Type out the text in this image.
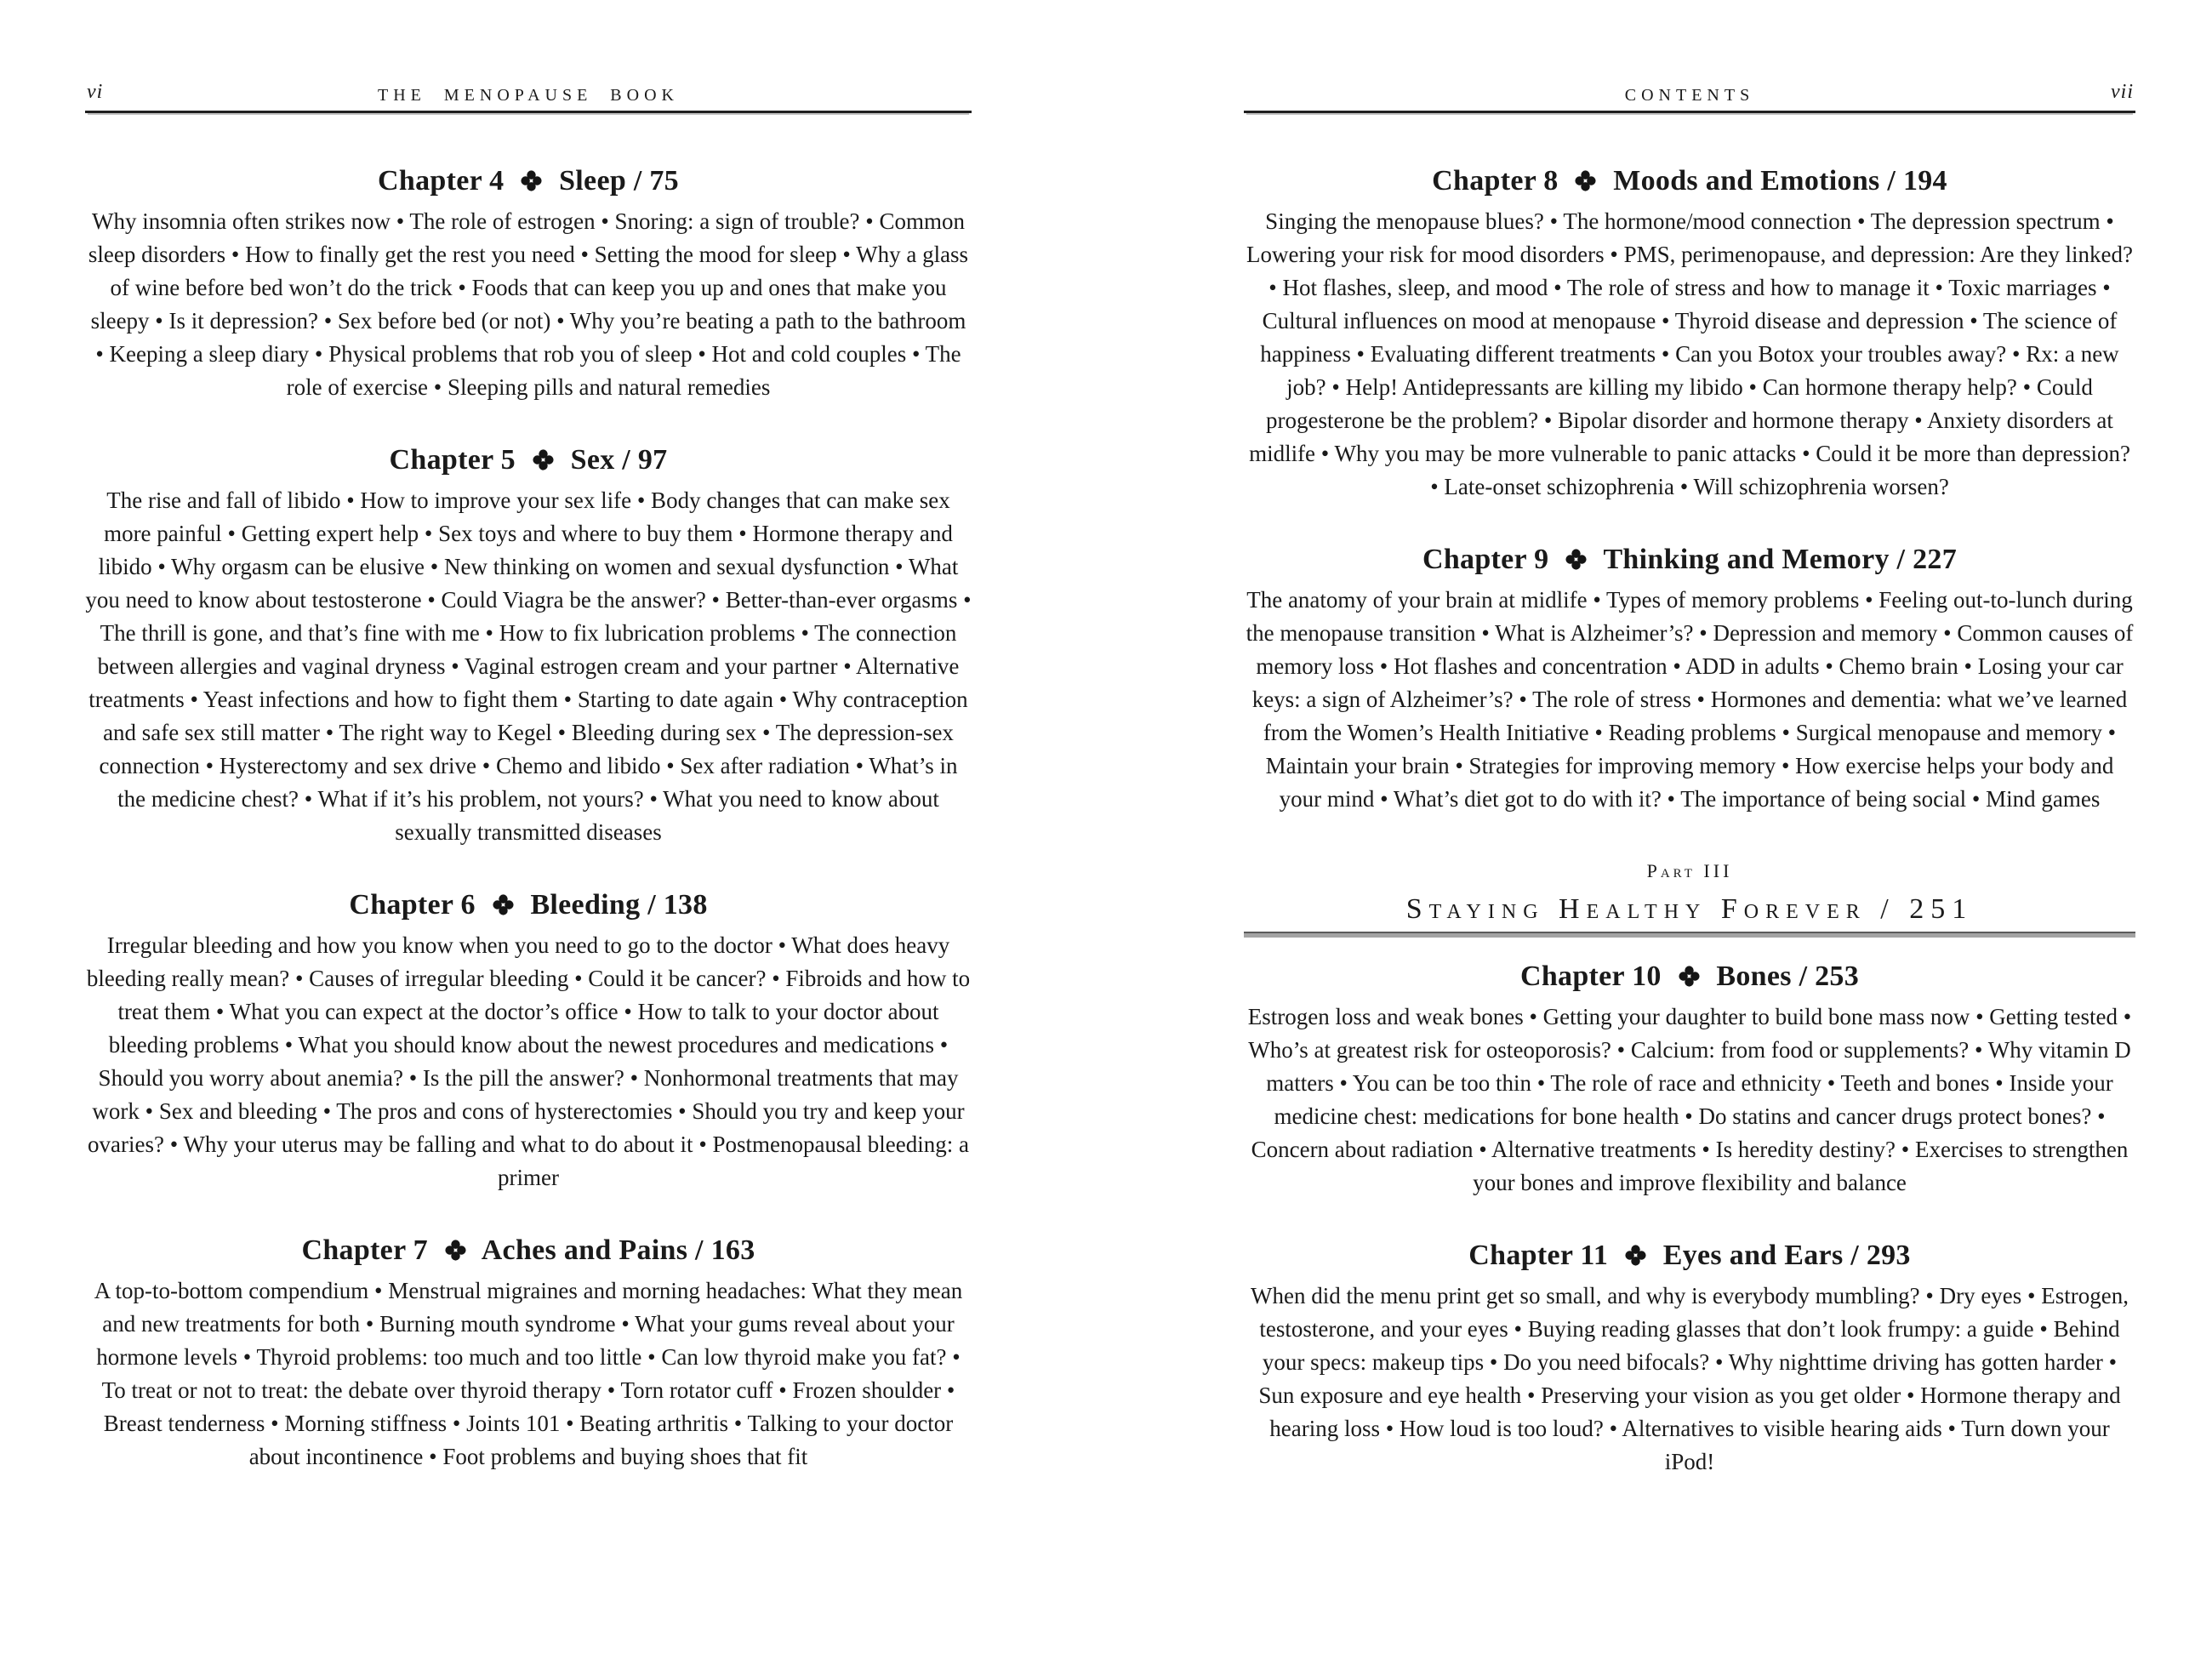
vi	THE MENOPAUSE BOOK
Chapter 4 Sleep / 75

Why insomnia often strikes now • The role of estrogen • Snoring: a sign of trouble? • Common sleep disorders • How to finally get the rest you need • Setting the mood for sleep • Why a glass of wine before bed won’t do the trick • Foods that can keep you up and ones that make you sleepy • Is it depression? • Sex before bed (or not) • Why you’re beating a path to the bathroom • Keeping a sleep diary • Physical problems that rob you of sleep • Hot and cold couples • The role of exercise • Sleeping pills and natural remedies

Chapter 5 Sex / 97

The rise and fall of libido • How to improve your sex life • Body changes that can make sex more painful • Getting expert help • Sex toys and where to buy them • Hormone therapy and libido • Why orgasm can be elusive • New thinking on women and sexual dysfunction • What you need to know about testosterone • Could Viagra be the answer? • Better-than-ever orgasms • The thrill is gone, and that’s fine with me • How to fix lubrication problems • The connection between allergies and vaginal dryness • Vaginal estrogen cream and your partner • Alternative treatments • Yeast infections and how to fight them • Starting to date again • Why contraception and safe sex still matter • The right way to Kegel • Bleeding during sex • The depression-sex connection • Hysterectomy and sex drive • Chemo and libido • Sex after radiation • What’s in the medicine chest? • What if it’s his problem, not yours? • What you need to know about sexually transmitted diseases

Chapter 6 Bleeding / 138

Irregular bleeding and how you know when you need to go to the doctor • What does heavy bleeding really mean? • Causes of irregular bleeding • Could it be cancer? • Fibroids and how to treat them • What you can expect at the doctor’s office • How to talk to your doctor about bleeding problems • What you should know about the newest procedures and medications • Should you worry about anemia? • Is the pill the answer? • Nonhormonal treatments that may work • Sex and bleeding • The pros and cons of hysterectomies • Should you try and keep your ovaries? • Why your uterus may be falling and what to do about it • Postmenopausal bleeding: a primer

Chapter 7 Aches and Pains / 163

A top-to-bottom compendium • Menstrual migraines and morning headaches: What they mean and new treatments for both • Burning mouth syndrome • What your gums reveal about your hormone levels • Thyroid problems: too much and too little • Can low thyroid make you fat? • To treat or not to treat: the debate over thyroid therapy • Torn rotator cuff • Frozen shoulder • Breast tenderness • Morning stiffness • Joints 101 • Beating arthritis • Talking to your doctor about incontinence • Foot problems and buying shoes that fit

CONTENTS	vii
Chapter 8 Moods and Emotions / 194

Singing the menopause blues? • The hormone/mood connection • The depression spectrum • Lowering your risk for mood disorders • PMS, perimenopause, and depression: Are they linked? • Hot flashes, sleep, and mood • The role of stress and how to manage it • Toxic marriages • Cultural influences on mood at menopause • Thyroid disease and depression • The science of happiness • Evaluating different treatments • Can you Botox your troubles away? • Rx: a new job? • Help! Antidepressants are killing my libido • Can hormone therapy help? • Could progesterone be the problem? • Bipolar disorder and hormone therapy • Anxiety disorders at midlife • Why you may be more vulnerable to panic attacks • Could it be more than depression? • Late-onset schizophrenia • Will schizophrenia worsen?

Chapter 9 Thinking and Memory / 227

The anatomy of your brain at midlife • Types of memory problems • Feeling out-to-lunch during the menopause transition • What is Alzheimer’s? • Depression and memory • Common causes of memory loss • Hot flashes and concentration • ADD in adults • Chemo brain • Losing your car keys: a sign of Alzheimer’s? • The role of stress • Hormones and dementia: what we’ve learned from the Women’s Health Initiative • Reading problems • Surgical menopause and memory • Maintain your brain • Strategies for improving memory • How exercise helps your body and your mind • What’s diet got to do with it? • The importance of being social • Mind games

Part III
Staying Healthy Forever / 251
Chapter 10 Bones / 253

Estrogen loss and weak bones • Getting your daughter to build bone mass now • Getting tested • Who’s at greatest risk for osteoporosis? • Calcium: from food or supplements? • Why vitamin D matters • You can be too thin • The role of race and ethnicity • Teeth and bones • Inside your medicine chest: medications for bone health • Do statins and cancer drugs protect bones? • Concern about radiation • Alternative treatments • Is heredity destiny? • Exercises to strengthen your bones and improve flexibility and balance

Chapter 11 Eyes and Ears / 293

When did the menu print get so small, and why is everybody mumbling? • Dry eyes • Estrogen, testosterone, and your eyes • Buying reading glasses that don’t look frumpy: a guide • Behind your specs: makeup tips • Do you need bifocals? • Why nighttime driving has gotten harder • Sun exposure and eye health • Preserving your vision as you get older • Hormone therapy and hearing loss • How loud is too loud? • Alternatives to visible hearing aids • Turn down your iPod!
